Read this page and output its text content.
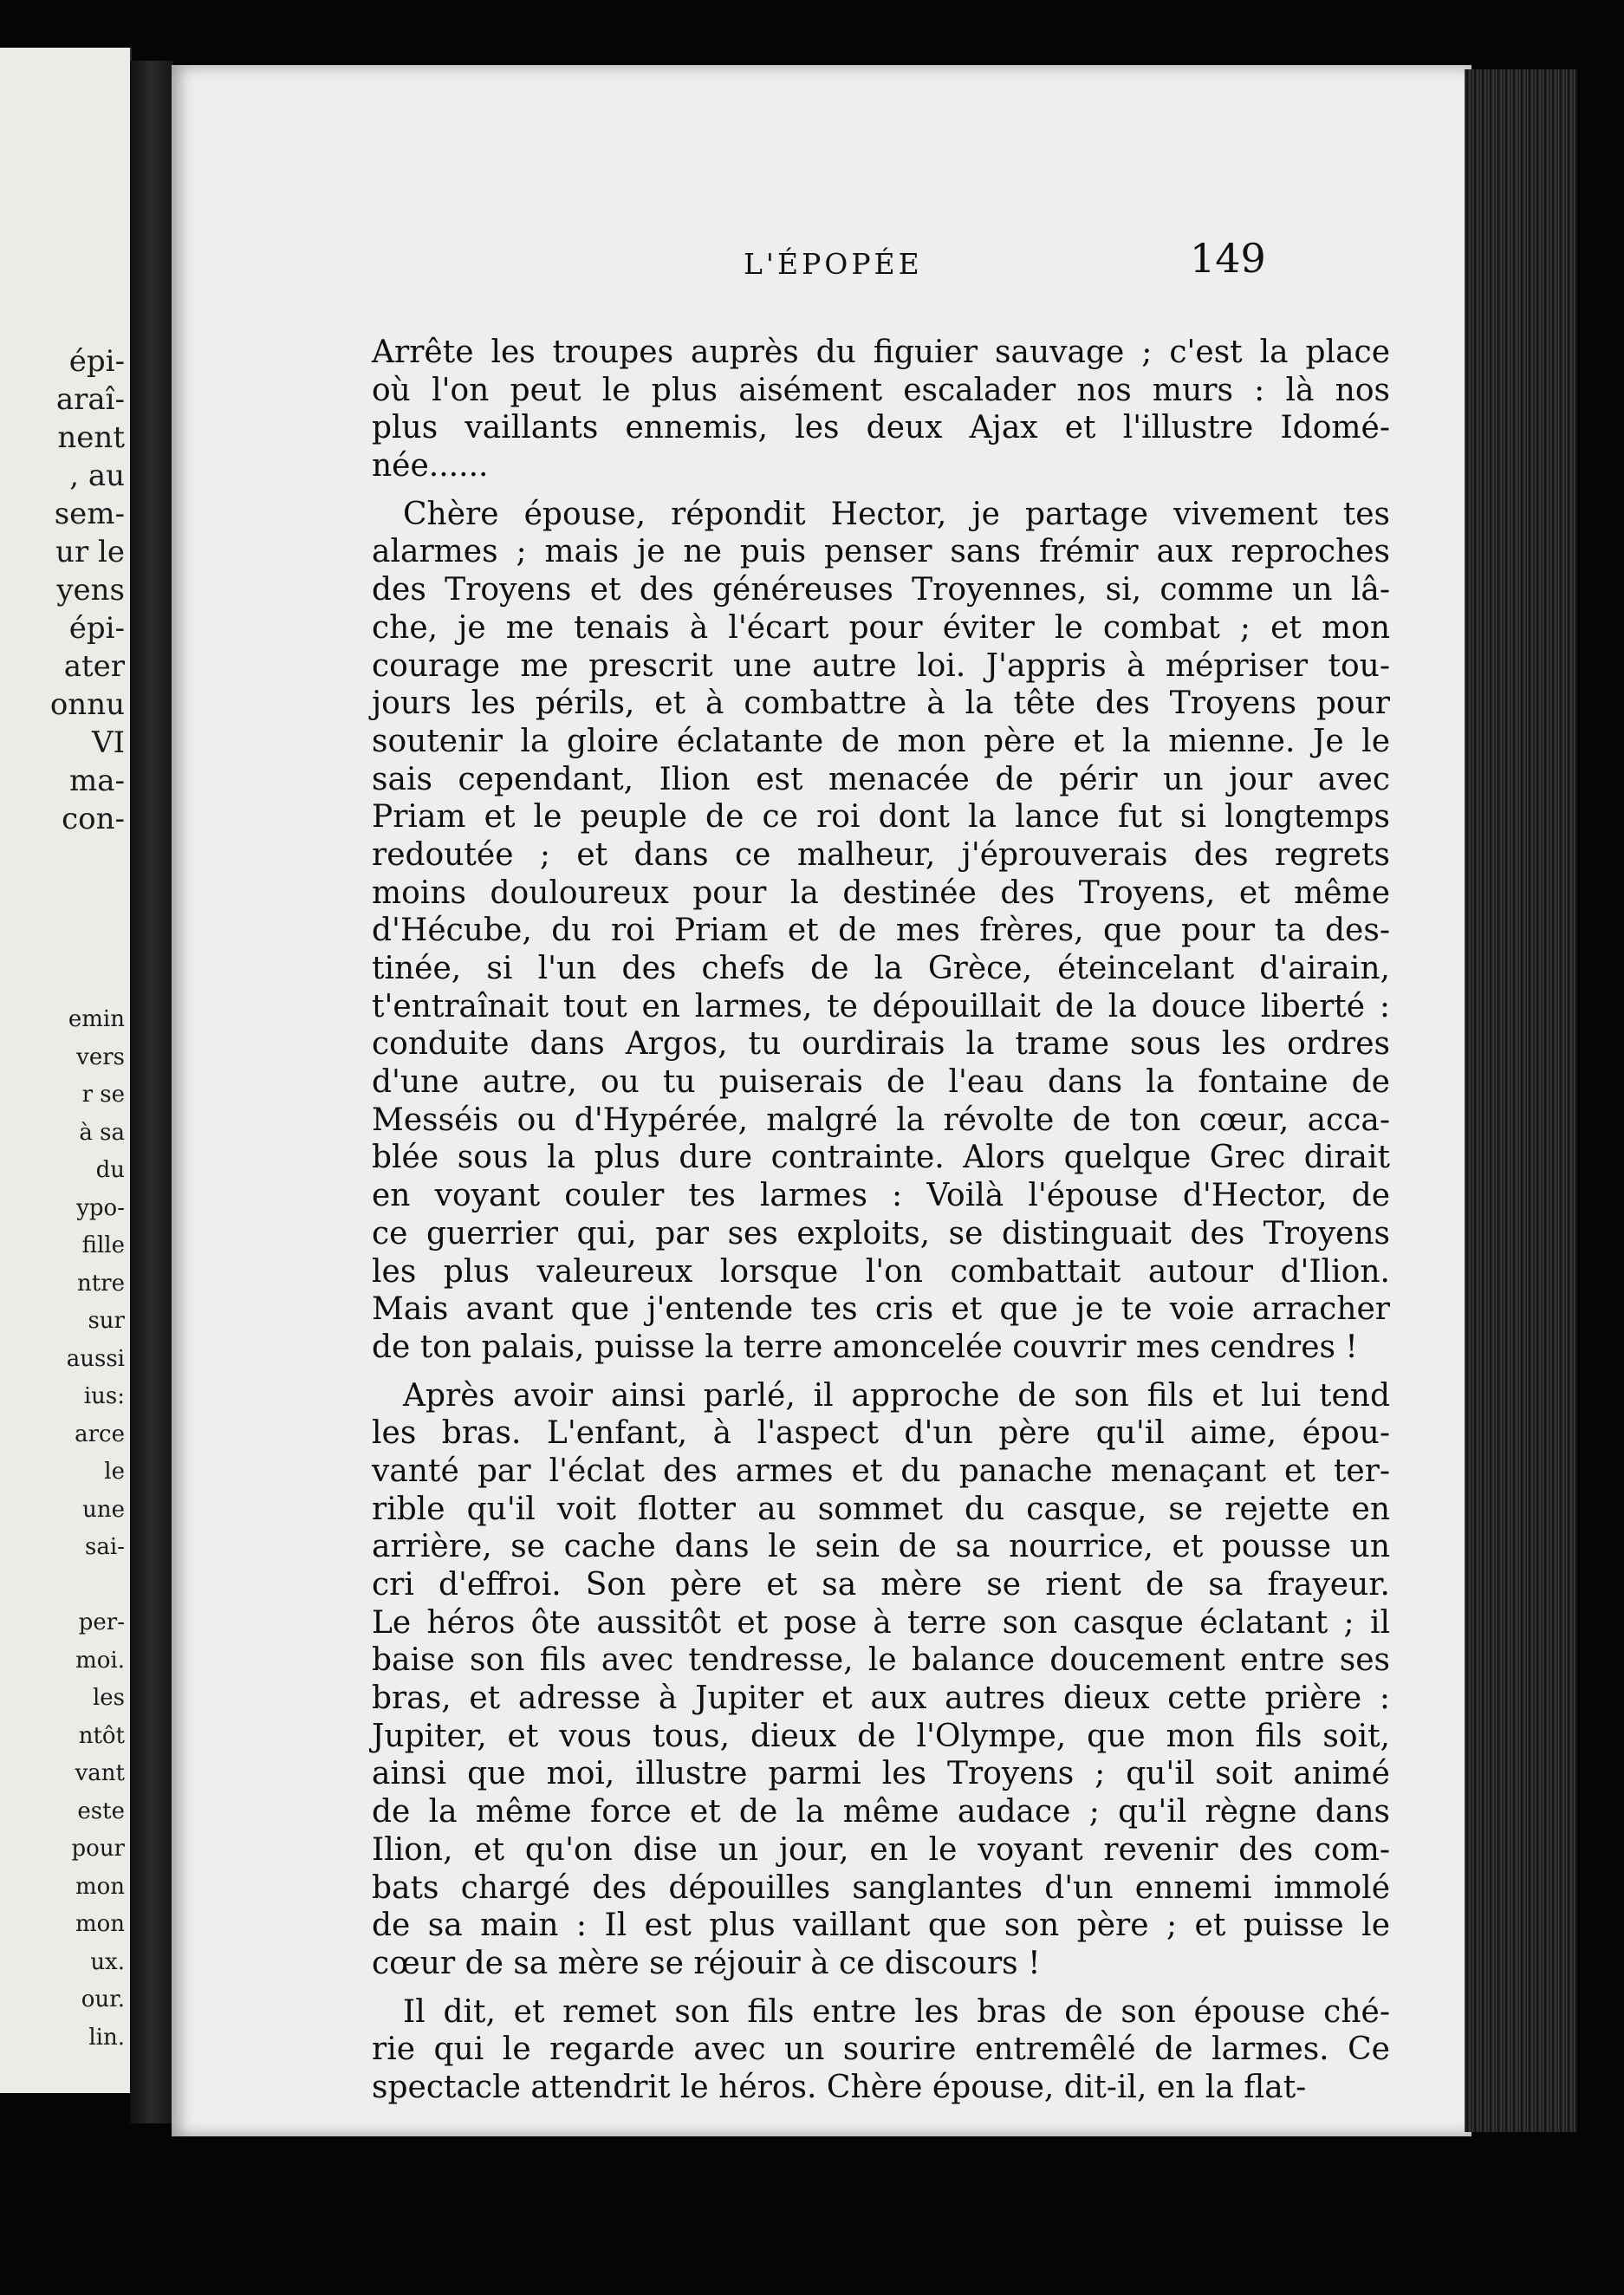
épi-
araî-
nent
, au
sem-
ur le
yens
épi-
ater
onnu
VI
ma-
con-
emin
vers
r se
à sa
du
ypo-
fille
ntre
sur
aussi
ius:
arce
le
une
sai-

per-
moi.
les
ntôt
vant
este
pour
mon
mon
ux.
our.
lin.
L'ÉPOPÉE	149
Arrête les troupes auprès du figuier sauvage ; c'est la place
où l'on peut le plus aisément escalader nos murs : là nos
plus vaillants ennemis, les deux Ajax et l'illustre Idomé-
née......
Chère épouse, répondit Hector, je partage vivement tes
alarmes ; mais je ne puis penser sans frémir aux reproches
des Troyens et des généreuses Troyennes, si, comme un lâ-
che, je me tenais à l'écart pour éviter le combat ; et mon
courage me prescrit une autre loi. J'appris à mépriser tou-
jours les périls, et à combattre à la tête des Troyens pour
soutenir la gloire éclatante de mon père et la mienne. Je le
sais cependant, Ilion est menacée de périr un jour avec
Priam et le peuple de ce roi dont la lance fut si longtemps
redoutée ; et dans ce malheur, j'éprouverais des regrets
moins douloureux pour la destinée des Troyens, et même
d'Hécube, du roi Priam et de mes frères, que pour ta des-
tinée, si l'un des chefs de la Grèce, éteincelant d'airain,
t'entraînait tout en larmes, te dépouillait de la douce liberté :
conduite dans Argos, tu ourdirais la trame sous les ordres
d'une autre, ou tu puiserais de l'eau dans la fontaine de
Messéis ou d'Hypérée, malgré la révolte de ton cœur, acca-
blée sous la plus dure contrainte. Alors quelque Grec dirait
en voyant couler tes larmes : Voilà l'épouse d'Hector, de
ce guerrier qui, par ses exploits, se distinguait des Troyens
les plus valeureux lorsque l'on combattait autour d'Ilion.
Mais avant que j'entende tes cris et que je te voie arracher
de ton palais, puisse la terre amoncelée couvrir mes cendres !
Après avoir ainsi parlé, il approche de son fils et lui tend
les bras. L'enfant, à l'aspect d'un père qu'il aime, épou-
vanté par l'éclat des armes et du panache menaçant et ter-
rible qu'il voit flotter au sommet du casque, se rejette en
arrière, se cache dans le sein de sa nourrice, et pousse un
cri d'effroi. Son père et sa mère se rient de sa frayeur.
Le héros ôte aussitôt et pose à terre son casque éclatant ; il
baise son fils avec tendresse, le balance doucement entre ses
bras, et adresse à Jupiter et aux autres dieux cette prière :
Jupiter, et vous tous, dieux de l'Olympe, que mon fils soit,
ainsi que moi, illustre parmi les Troyens ; qu'il soit animé
de la même force et de la même audace ; qu'il règne dans
Ilion, et qu'on dise un jour, en le voyant revenir des com-
bats chargé des dépouilles sanglantes d'un ennemi immolé
de sa main : Il est plus vaillant que son père ; et puisse le
cœur de sa mère se réjouir à ce discours !
Il dit, et remet son fils entre les bras de son épouse ché-
rie qui le regarde avec un sourire entremêlé de larmes. Ce
spectacle attendrit le héros. Chère épouse, dit-il, en la flat-
